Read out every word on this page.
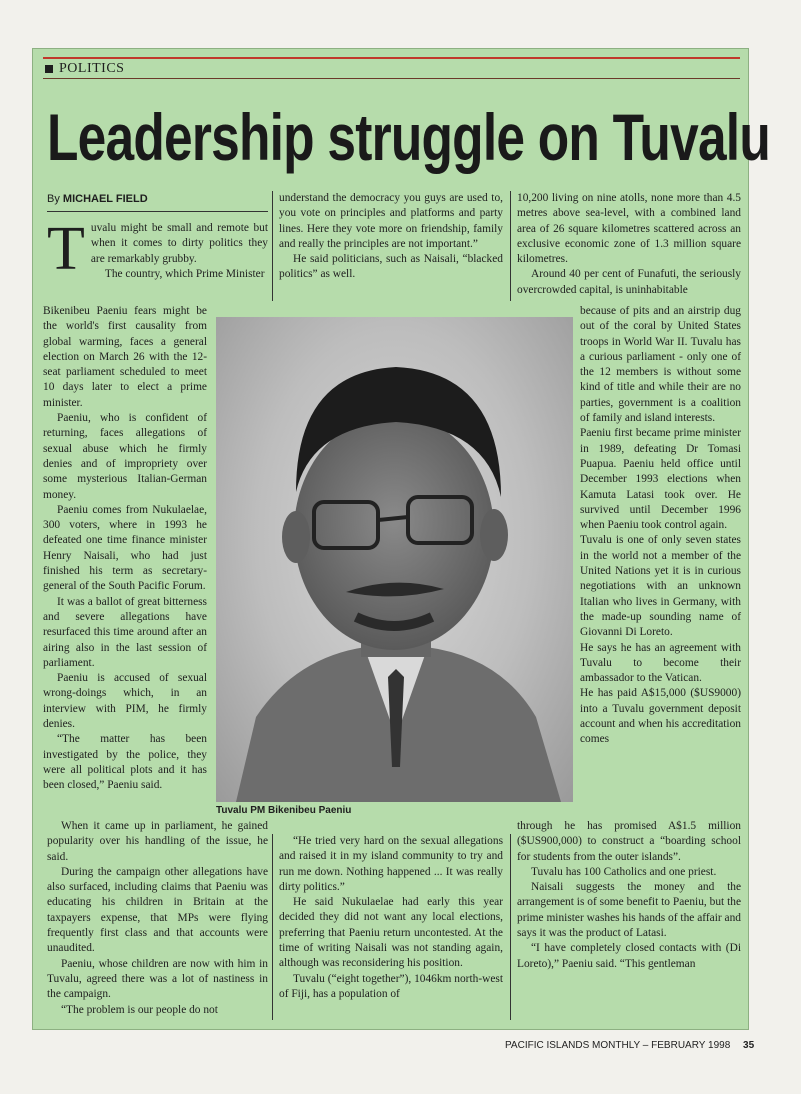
POLITICS
Leadership struggle on Tuvalu
By MICHAEL FIELD

T uvalu might be small and remote but when it comes to dirty politics they are remarkably grubby.

The country, which Prime Minister

Bikenibeu Paeniu fears might be the world's first causality from global warming, faces a general election on March 26 with the 12-seat parliament scheduled to meet 10 days later to elect a prime minister.

Paeniu, who is confident of returning, faces allegations of sexual abuse which he firmly denies and of impropriety over some mysterious Italian-German money.

Paeniu comes from Nukulaelae, 300 voters, where in 1993 he defeated one time finance minister Henry Naisali, who had just finished his term as secretary-general of the South Pacific Forum.

It was a ballot of great bitterness and severe allegations have resurfaced this time around after an airing also in the last session of parliament.

Paeniu is accused of sexual wrong-doings which, in an interview with PIM, he firmly denies.

“The matter has been investigated by the police, they were all political plots and it has been closed,” Paeniu said.

When it came up in parliament, he gained popularity over his handling of the issue, he said.

During the campaign other allegations have also surfaced, including claims that Paeniu was educating his children in Britain at the taxpayers expense, that MPs were flying frequently first class and that accounts were unaudited.

Paeniu, whose children are now with him in Tuvalu, agreed there was a lot of nastiness in the campaign.

“The problem is our people do not

understand the democracy you guys are used to, you vote on principles and platforms and party lines. Here they vote more on friendship, family and really the principles are not important.”

He said politicians, such as Naisali, “blacked politics” as well.

“He tried very hard on the sexual allegations and raised it in my island community to try and run me down. Nothing happened ... It was really dirty politics.”

He said Nukulaelae had early this year decided they did not want any local elections, preferring that Paeniu return uncontested. At the time of writing Naisali was not standing again, although was reconsidering his position.

Tuvalu (“eight together”), 1046km north-west of Fiji, has a population of

10,200 living on nine atolls, none more than 4.5 metres above sea-level, with a combined land area of 26 square kilometres scattered across an exclusive economic zone of 1.3 million square kilometres.

Around 40 per cent of Funafuti, the seriously overcrowded capital, is uninhabitable

because of pits and an airstrip dug out of the coral by United States troops in World War II. Tuvalu has a curious parliament - only one of the 12 members is without some kind of title and while their are no parties, government is a coalition of family and island interests.

Paeniu first became prime minister in 1989, defeating Dr Tomasi Puapua. Paeniu held office until December 1993 elections when Kamuta Latasi took over. He survived until December 1996 when Paeniu took control again.

Tuvalu is one of only seven states in the world not a member of the United Nations yet it is in curious negotiations with an unknown Italian who lives in Germany, with the made-up sounding name of Giovanni Di Loreto.

He says he has an agreement with Tuvalu to become their ambassador to the Vatican.

He has paid A$15,000 ($US9000) into a Tuvalu government deposit account and when his accreditation comes

through he has promised A$1.5 million ($US900,000) to construct a “boarding school for students from the outer islands”.

Tuvalu has 100 Catholics and one priest.

Naisali suggests the money and the arrangement is of some benefit to Paeniu, but the prime minister washes his hands of the affair and says it was the product of Latasi.

“I have completely closed contacts with (Di Loreto),” Paeniu said. “This gentleman

Tuvalu PM Bikenibeu Paeniu
PACIFIC ISLANDS MONTHLY – FEBRUARY 1998 35
